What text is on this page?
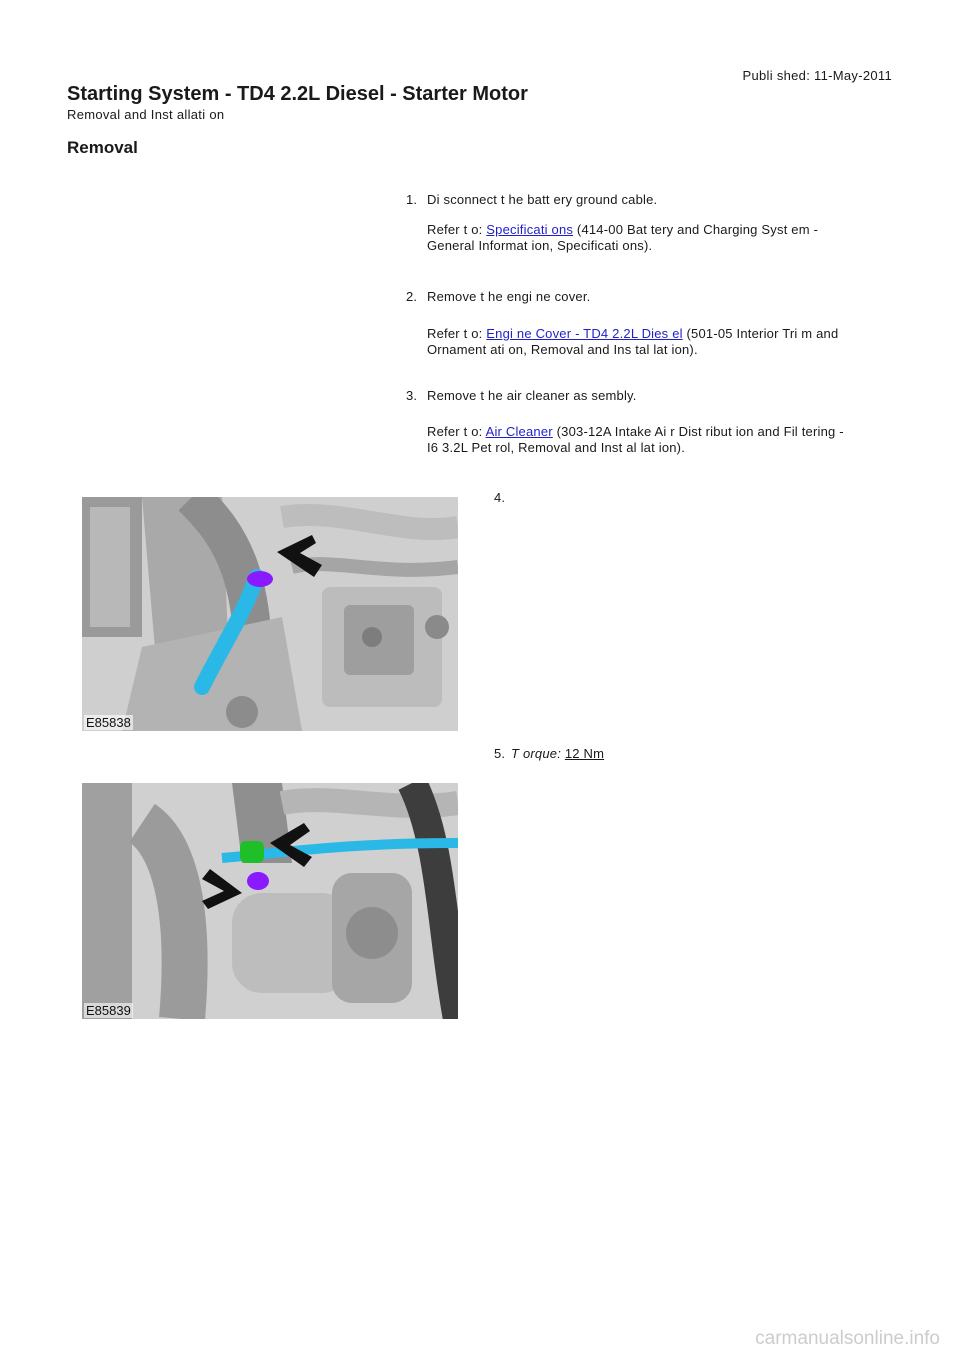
Publi shed: 11-May-2011
Starting System - TD4 2.2L Diesel - Starter Motor
Removal and Inst allati on
Removal
1. Di sconnect t he batt ery ground cable.
Refer t o: Specificati ons (414-00 Bat tery and Charging Syst em -
General Informat ion, Specificati ons).
2. Remove t he engi ne cover.
Refer t o: Engi ne Cover - TD4 2.2L Dies el (501-05 Interior Tri m and
Ornament ati on, Removal and Ins tal lat ion).
3. Remove t he air cleaner as sembly.
Refer t o: Air Cleaner (303-12A Intake Ai r Dist ribut ion and Fil tering -
I6 3.2L Pet rol, Removal and Inst al lat ion).
4.
E85838
5. T orque: 12 Nm
E85839
carmanualsonline.info
